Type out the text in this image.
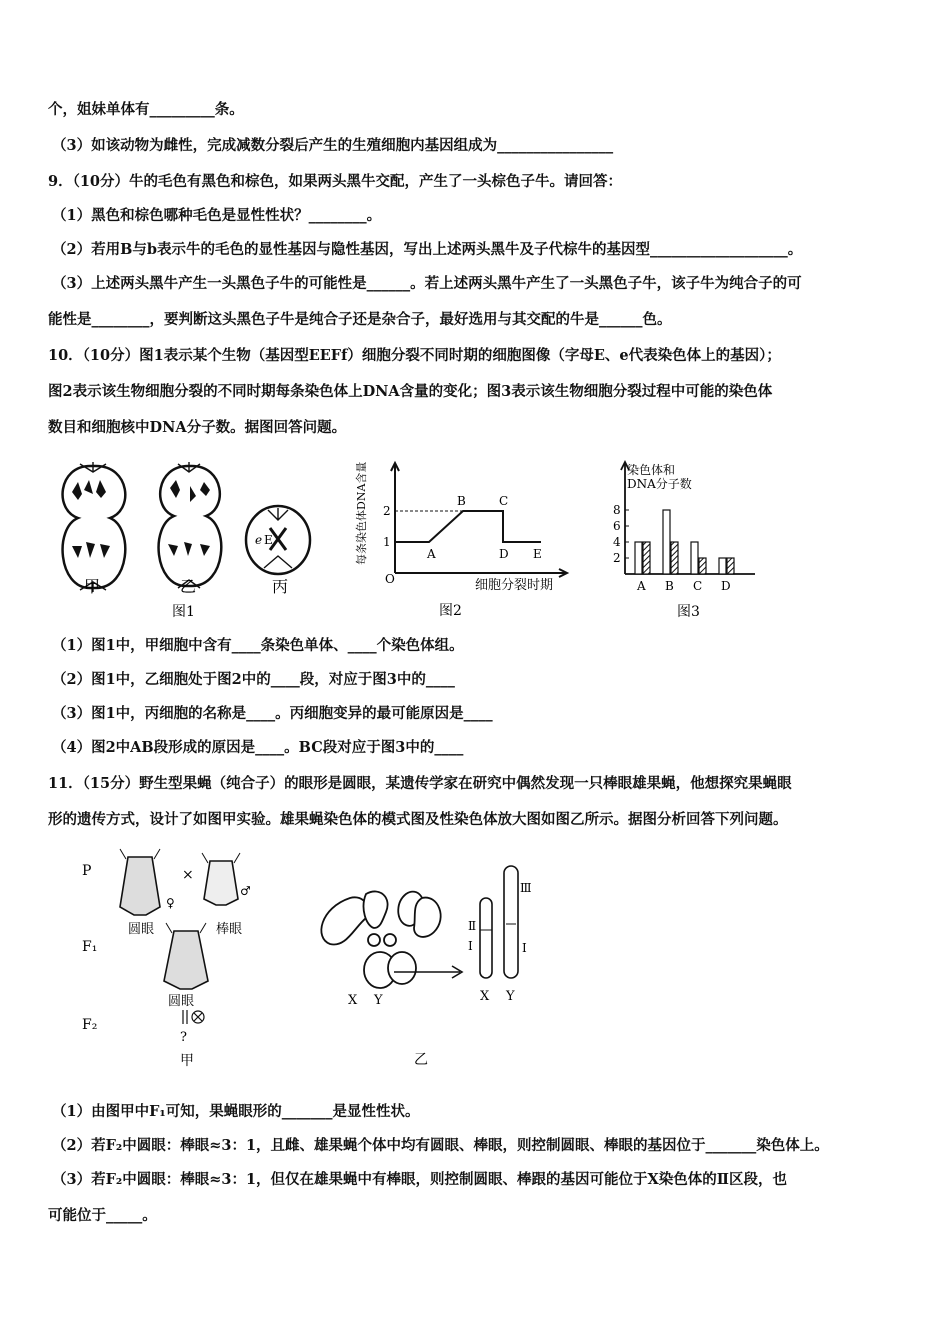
个，姐妹单体有_________条。
（3）如该动物为雌性，完成减数分裂后产生的生殖细胞内基因组成为________________
9．（10分）牛的毛色有黑色和棕色，如果两头黑牛交配，产生了一头棕色子牛。请回答：
（1）黑色和棕色哪种毛色是显性性状？________。
（2）若用B与b表示牛的毛色的显性基因与隐性基因，写出上述两头黑牛及子代棕牛的基因型___________________。
（3）上述两头黑牛产生一头黑色子牛的可能性是______。若上述两头黑牛产生了一头黑色子牛，该子牛为纯合子的可
能性是________，要判断这头黑色子牛是纯合子还是杂合子，最好选用与其交配的牛是______色。
10．（10分）图1表示某个生物（基因型EEFf）细胞分裂不同时期的细胞图像（字母E、e代表染色体上的基因）；
图2表示该生物细胞分裂的不同时期每条染色体上DNA含量的变化；图3表示该生物细胞分裂过程中可能的染色体
数目和细胞核中DNA分子数。据图回答问题。
e E
甲	乙	丙
图1
每条染色体DNA含量
O
1
2
A
B	C
D E
细胞分裂时期
图2
染色体和
DNA分子数
2
4
6
8
A B C D
图3
（1）图1中，甲细胞中含有____条染色单体、____个染色体组。
（2）图1中，乙细胞处于图2中的____段，对应于图3中的____
（3）图1中，丙细胞的名称是____。丙细胞变异的最可能原因是____
（4）图2中AB段形成的原因是____。BC段对应于图3中的____
11．（15分）野生型果蝇（纯合子）的眼形是圆眼，某遗传学家在研究中偶然发现一只棒眼雄果蝇，他想探究果蝇眼
形的遗传方式，设计了如图甲实验。雄果蝇染色体的模式图及性染色体放大图如图乙所示。据图分析回答下列问题。
P
F₁
F₂
×
♀
♂
圆眼	棒眼
圆眼
?
甲
X Y
Ⅱ
Ⅰ
Ⅲ
Ⅰ
X Y
乙
（1）由图甲中F₁可知，果蝇眼形的_______是显性性状。
（2）若F₂中圆眼：棒眼≈3：1，且雌、雄果蝇个体中均有圆眼、棒眼，则控制圆眼、棒眼的基因位于_______染色体上。
（3）若F₂中圆眼：棒眼≈3：1，但仅在雄果蝇中有棒眼，则控制圆眼、棒跟的基因可能位于X染色体的Ⅱ区段，也
可能位于_____。
